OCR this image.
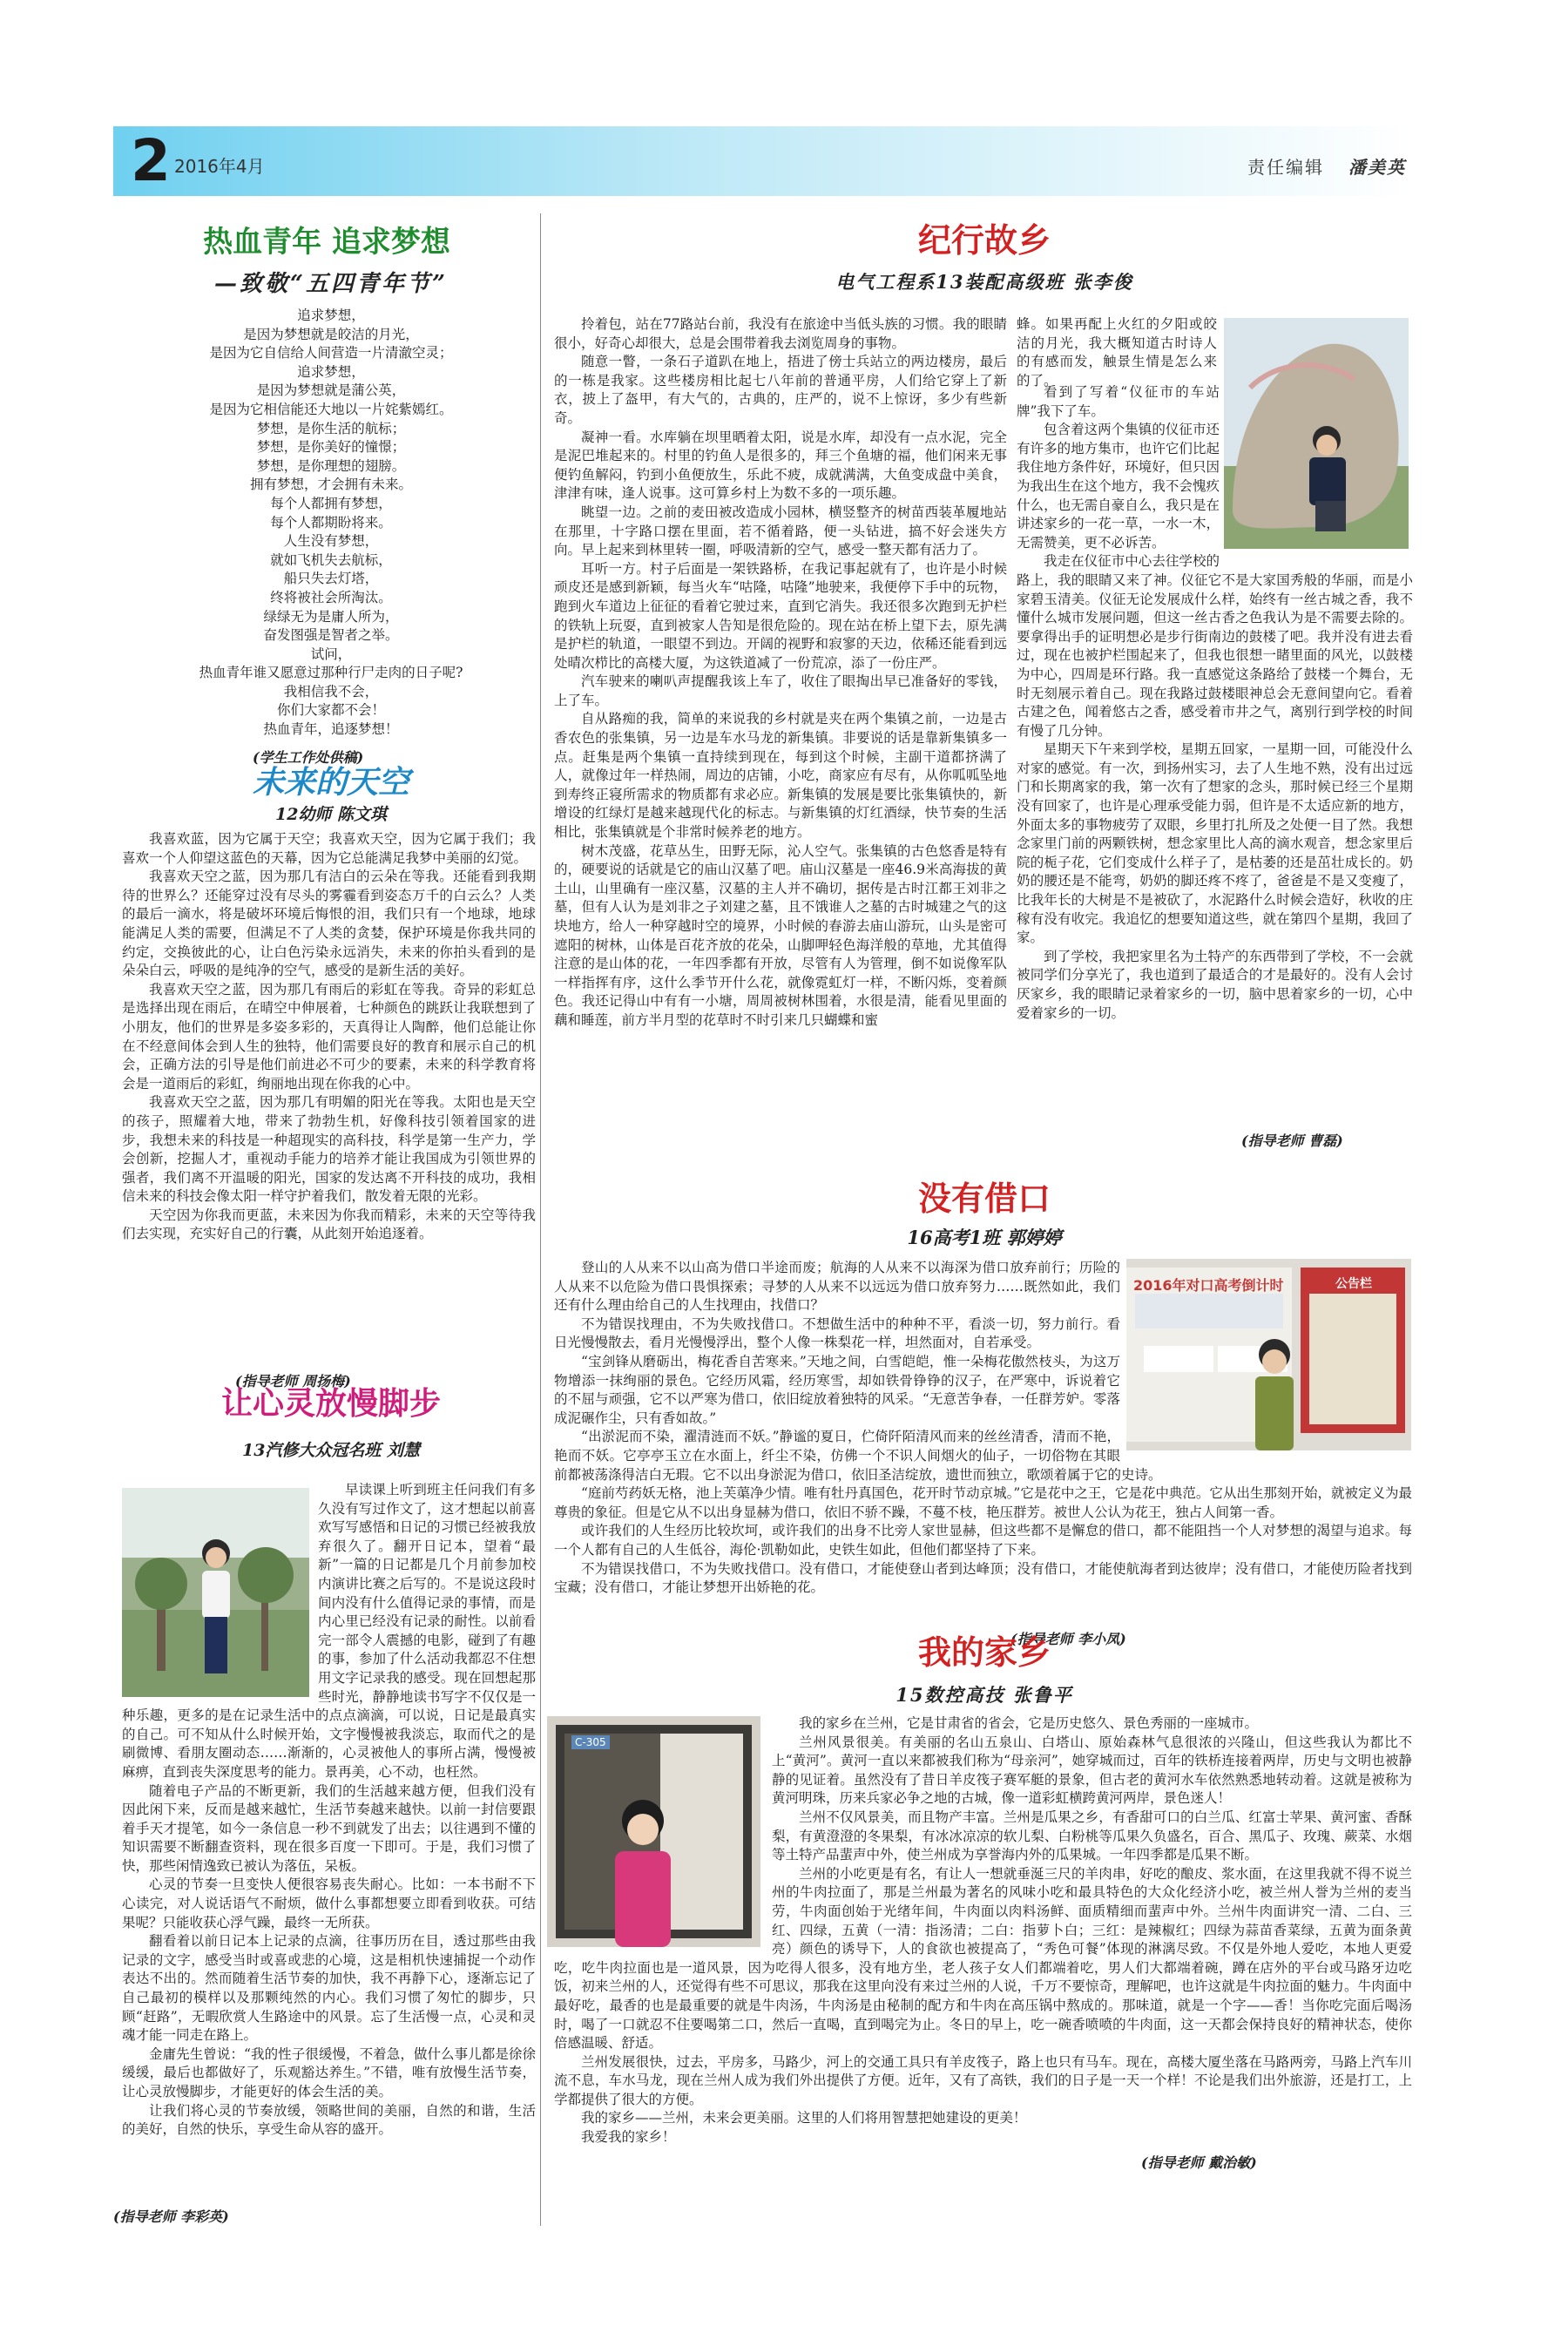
2 2016年4月	责任编辑 潘美英
热血青年 追求梦想
—致敬“五四青年节”
追求梦想，
是因为梦想就是皎洁的月光，
是因为它自信给人间营造一片清澈空灵；
追求梦想，
是因为梦想就是蒲公英，
是因为它相信能还大地以一片姹紫嫣红。
梦想，是你生活的航标；
梦想，是你美好的憧憬；
梦想，是你理想的翅膀。
拥有梦想，才会拥有未来。
每个人都拥有梦想，
每个人都期盼将来。
人生没有梦想，
就如飞机失去航标，
船只失去灯塔，
终将被社会所淘汰。
绿绿无为是庸人所为，
奋发图强是智者之举。
试问，
热血青年谁又愿意过那种行尸走肉的日子呢?
我相信我不会，
你们大家都不会！
热血青年，追逐梦想！
(学生工作处供稿)
未来的天空
12幼师 陈文琪

我喜欢蓝，因为它属于天空；我喜欢天空，因为它属于我们；我喜欢一个人仰望这蓝色的天幕，因为它总能满足我梦中美丽的幻觉。

我喜欢天空之蓝，因为那几有洁白的云朵在等我。还能看到我期待的世界么？还能穿过没有尽头的雾霾看到姿态万千的白云么？人类的最后一滴水，将是破坏环境后悔恨的泪，我们只有一个地球，地球能满足人类的需要，但满足不了人类的贪婪，保护环境是你我共同的约定，交换彼此的心，让白色污染永远消失，未来的你拍头看到的是朵朵白云，呼吸的是纯净的空气，感受的是新生活的美好。

我喜欢天空之蓝，因为那几有雨后的彩虹在等我。奇异的彩虹总是选择出现在雨后，在晴空中伸展着，七种颜色的跳跃让我联想到了小朋友，他们的世界是多姿多彩的，天真得让人陶醉，他们总能让你在不经意间体会到人生的独特，他们需要良好的教育和展示自己的机会，正确方法的引导是他们前进必不可少的要素，未来的科学教育将会是一道雨后的彩虹，绚丽地出现在你我的心中。

我喜欢天空之蓝，因为那几有明媚的阳光在等我。太阳也是天空的孩子，照耀着大地，带来了勃勃生机，好像科技引领着国家的进步，我想未来的科技是一种超现实的高科技，科学是第一生产力，学会创新，挖掘人才，重视动手能力的培养才能让我国成为引领世界的强者，我们离不开温暖的阳光，国家的发达离不开科技的成功，我相信未来的科技会像太阳一样守护着我们，散发着无限的光彩。

天空因为你我而更蓝，未来因为你我而精彩，未来的天空等待我们去实现，充实好自己的行囊，从此刻开始追逐着。

(指导老师 周扬梅)
让心灵放慢脚步
13汽修大众冠名班 刘慧

早读课上听到班主任问我们有多久没有写过作文了，这才想起以前喜欢写写感悟和日记的习惯已经被我放弃很久了。翻开日记本，望着“最新”一篇的日记都是几个月前参加校内演讲比赛之后写的。不是说这段时间内没有什么值得记录的事情，而是内心里已经没有记录的耐性。以前看完一部令人震撼的电影，碰到了有趣的事，参加了什么活动我都忍不住想用文字记录我的感受。现在回想起那些时光，静静地读书写字不仅仅是一种乐趣，更多的是在记录生活中的点点滴滴，可以说，日记是最真实的自己。可不知从什么时候开始，文字慢慢被我淡忘，取而代之的是刷微博、看朋友圈动态……渐渐的，心灵被他人的事所占满，慢慢被麻痹，直到丧失深度思考的能力。景再美，心不动，也枉然。

随着电子产品的不断更新，我们的生活越来越方便，但我们没有因此闲下来，反而是越来越忙，生活节奏越来越快。以前一封信要跟着手天才提笔，如今一条信息一秒不到就发了出去；以往遇到不懂的知识需要不断翻查资料，现在很多百度一下即可。于是，我们习惯了快，那些闲情逸致已被认为落伍，呆板。

心灵的节奏一旦变快人便很容易丧失耐心。比如：一本书耐不下心读完，对人说话语气不耐烦，做什么事都想要立即看到收获。可结果呢？只能收获心浮气躁，最终一无所获。

翻看着以前日记本上记录的点滴，往事历历在目，透过那些由我记录的文字，感受当时或喜或悲的心境，这是相机快速捕捉一个动作表达不出的。然而随着生活节奏的加快，我不再静下心，逐渐忘记了自己最初的模样以及那颗纯然的内心。我们习惯了匆忙的脚步，只顾“赶路”，无暇欣赏人生路途中的风景。忘了生活慢一点，心灵和灵魂才能一同走在路上。

金庸先生曾说：“我的性子很缓慢，不着急，做什么事儿都是徐徐缓缓，最后也都做好了，乐观豁达养生。”不错，唯有放慢生活节奏，让心灵放慢脚步，才能更好的体会生活的美。

让我们将心灵的节奏放缓，领略世间的美丽，自然的和谐，生活的美好，自然的快乐，享受生命从容的盛开。

(指导老师 李彩英)
纪行故乡
电气工程系13装配高级班 张李俊

拎着包，站在77路站台前，我没有在旅途中当低头族的习惯。我的眼睛很小，好奇心却很大，总是会围带着我去浏览周身的事物。

随意一瞥，一条石子道趴在地上，捂进了傍士兵站立的两边楼房，最后的一栋是我家。这些楼房相比起七八年前的普通平房，人们给它穿上了新衣，披上了盔甲，有大气的，古典的，庄严的，说不上惊讶，多少有些新奇。

凝神一看。水库躺在坝里晒着太阳，说是水库，却没有一点水泥，完全是泥巴堆起来的。村里的钓鱼人是很多的，拜三个鱼塘的福，他们闲来无事便钓鱼解闷，钓到小鱼便放生，乐此不疲，成就满满，大鱼变成盘中美食，津津有味，逢人说事。这可算乡村上为数不多的一项乐趣。

眺望一边。之前的麦田被改造成小园林，横竖整齐的树苗西装革履地站在那里，十字路口摆在里面，若不循着路，便一头钻进，搞不好会迷失方向。早上起来到林里转一圈，呼吸清新的空气，感受一整天都有活力了。

耳听一方。村子后面是一架铁路桥，在我记事起就有了，也许是小时候顽皮还是感到新颖，每当火车“咕隆，咕隆”地驶来，我便停下手中的玩物，跑到火车道边上征征的看着它驶过来，直到它消失。我还很多次跑到无护栏的铁轨上玩耍，直到被家人告知是很危险的。现在站在桥上望下去，原先满是护栏的轨道，一眼望不到边。开阔的视野和寂寥的天边，依稀还能看到远处晴次栉比的高楼大厦，为这铁道减了一份荒凉，添了一份庄严。

汽车驶来的喇叭声提醒我该上车了，收住了眼掏出早已准备好的零钱，上了车。

自从路痴的我，简单的来说我的乡村就是夹在两个集镇之前，一边是古香农色的张集镇，另一边是车水马龙的新集镇。非要说的话是靠新集镇多一点。赶集是两个集镇一直持续到现在，每到这个时候，主副干道都挤满了人，就像过年一样热闹，周边的店铺，小吃，商家应有尽有，从你呱呱坠地到寿终正寝所需求的物质都有求必应。新集镇的发展是要比张集镇快的，新增设的红绿灯是越来越现代化的标志。与新集镇的灯红酒绿，快节奏的生活相比，张集镇就是个非常时候养老的地方。

树木茂盛，花草丛生，田野无际，沁人空气。张集镇的古色悠香是特有的，硬要说的话就是它的庙山汉墓了吧。庙山汉墓是一座46.9米高海拔的黄土山，山里确有一座汉墓，汉墓的主人并不确切，据传是古时江都王刘非之墓，但有人认为是刘非之子刘建之墓，且不饿谁人之墓的古时城建之气的这块地方，给人一种穿越时空的境界，小时候的春游去庙山游玩，山头是密可遮阳的树林，山体是百花齐放的花朵，山脚呷轻色海洋般的草地，尤其值得注意的是山体的花，一年四季都有开放，尽管有人为管理，倒不如说像军队一样指挥有序，这什么季节开什么花，就像霓虹灯一样，不断闪烁，变着颜色。我还记得山中有有一小塘，周周被树林围着，水很是清，能看见里面的藕和睡莲，前方半月型的花草时不时引来几只蝴蝶和蜜

蜂。如果再配上火红的夕阳或皎洁的月光，我大概知道古时诗人的有感而发，触景生情是怎么来的了。

看到了写着“仪征市的车站牌”我下了车。

包含着这两个集镇的仪征市还有许多的地方集市，也许它们比起我住地方条件好，环境好，但只因为我出生在这个地方，我不会愧疚什么，也无需自豪自么，我只是在讲述家乡的一花一草，一水一木，无需赞美，更不必诉苦。

我走在仪征市中心去往学校的路上，我的眼睛又来了神。仪征它不是大家国秀般的华丽，而是小家碧玉清美。仪征无论发展成什么样，始终有一丝古城之香，我不懂什么城市发展问题，但这一丝古香之色我认为是不需要去除的。要拿得出手的证明想必是步行街南边的鼓楼了吧。我并没有进去看过，现在也被护栏围起来了，但我也很想一睹里面的风光，以鼓楼为中心，四周是环行路。我一直感觉这条路给了鼓楼一个舞台，无时无刻展示着自己。现在我路过鼓楼眼神总会无意间望向它。看着古建之色，闻着悠古之香，感受着市井之气，离别行到学校的时间有慢了几分钟。

星期天下午来到学校，星期五回家，一星期一回，可能没什么对家的感觉。有一次，到扬州实习，去了人生地不熟，没有出过远门和长期离家的我，第一次有了想家的念头，那时候已经三个星期没有回家了，也许是心理承受能力弱，但许是不太适应新的地方，外面太多的事物疲劳了双眼，乡里打扎所及之处便一目了然。我想念家里门前的两颗铁树，想念家里比人高的滴水观音，想念家里后院的栀子花，它们变成什么样子了，是枯萎的还是茁壮成长的。奶奶的腰还是不能弯，奶奶的脚还疼不疼了，爸爸是不是又变瘦了，比我年长的大树是不是被砍了，水泥路什么时候会造好，秋收的庄稼有没有收完。我追忆的想要知道这些，就在第四个星期，我回了家。

到了学校，我把家里名为土特产的东西带到了学校，不一会就被同学们分享光了，我也道到了最适合的才是最好的。没有人会讨厌家乡，我的眼睛记录着家乡的一切，脑中思着家乡的一切，心中爱着家乡的一切。

(指导老师 曹磊)
没有借口
16高考1班 郭婷婷
2016年对口高考倒计时	公告栏

登山的人从来不以山高为借口半途而废；航海的人从来不以海深为借口放弃前行；历险的人从来不以危险为借口畏惧探索；寻梦的人从来不以远远为借口放弃努力……既然如此，我们还有什么理由给自己的人生找理由，找借口？

不为错误找理由，不为失败找借口。不想做生活中的种种不平，看淡一切，努力前行。看日光慢慢散去，看月光慢慢浮出，整个人像一株梨花一样，坦然面对，自若承受。

“宝剑锋从磨砺出，梅花香自苦寒来。”天地之间，白雪皑皑，惟一朵梅花傲然枝头，为这万物增添一抹绚丽的景色。它经历风霜，经历寒雪，却如铁骨铮铮的汉子，在严寒中，诉说着它的不屈与顽强，它不以严寒为借口，依旧绽放着独特的风采。“无意苦争春，一任群芳妒。零落成泥碾作尘，只有香如故。”

“出淤泥而不染，濯清涟而不妖。”静谧的夏日，伫倚阡陌清风而来的丝丝清香，清而不艳，艳而不妖。它亭亭玉立在水面上，纤尘不染，仿佛一个不识人间烟火的仙子，一切俗物在其眼前都被荡涤得洁白无瑕。它不以出身淤泥为借口，依旧圣洁绽放，遗世而独立，歌颂着属于它的史诗。

“庭前芍药妖无格，池上芙蕖净少情。唯有牡丹真国色，花开时节动京城。”它是花中之王，它是花中典范。它从出生那刻开始，就被定义为最尊贵的象征。但是它从不以出身显赫为借口，依旧不骄不躁，不蔓不枝，艳压群芳。被世人公认为花王，独占人间第一香。

或许我们的人生经历比较坎坷，或许我们的出身不比旁人家世显赫，但这些都不是懈怠的借口，都不能阻挡一个人对梦想的渴望与追求。每一个人都有自己的人生低谷，海伦·凯勒如此，史铁生如此，但他们都坚持了下来。

不为错误找借口，不为失败找借口。没有借口，才能使登山者到达峰顶；没有借口，才能使航海者到达彼岸；没有借口，才能使历险者找到宝藏；没有借口，才能让梦想开出娇艳的花。

(指导老师 李小凤)
我的家乡
15数控高技 张鲁平
C-305

我的家乡在兰州，它是甘肃省的省会，它是历史悠久、景色秀丽的一座城市。

兰州风景很美。有美丽的名山五泉山、白塔山、原始森林气息很浓的兴隆山，但这些我认为都比不上“黄河”。黄河一直以来都被我们称为“母亲河”，她穿城而过，百年的铁桥连接着两岸，历史与文明也被静静的见证着。虽然没有了昔日羊皮筏子赛军艇的景象，但古老的黄河水车依然熟悉地转动着。这就是被称为黄河明珠，历来兵家必争之地的古城，像一道彩虹横跨黄河两岸，景色迷人！

兰州不仅风景美，而且物产丰富。兰州是瓜果之乡，有香甜可口的白兰瓜、红富士苹果、黄河蜜、香酥梨，有黄澄澄的冬果梨，有冰冰凉凉的软儿梨、白粉桃等瓜果久负盛名，百合、黑瓜子、玫瑰、蕨菜、水烟等土特产品蜚声中外，使兰州成为享誉海内外的瓜果城。一年四季都是瓜果不断。

兰州的小吃更是有名，有让人一想就垂涎三尺的羊肉串，好吃的酿皮、浆水面，在这里我就不得不说兰州的牛肉拉面了，那是兰州最为著名的风味小吃和最具特色的大众化经济小吃，被兰州人誉为兰州的麦当劳，牛肉面创始于光绪年间，牛肉面以肉料汤鲜、面质精细而蜚声中外。兰州牛肉面讲究一清、二白、三红、四绿，五黄（一清：指汤清；二白：指萝卜白；三红：是辣椒红；四绿为蒜苗香菜绿，五黄为面条黄亮）颜色的诱导下，人的食欲也被提高了，“秀色可餐”体现的淋漓尽致。不仅是外地人爱吃，本地人更爱吃，吃牛肉拉面也是一道风景，因为吃得人很多，没有地方坐，老人孩子女人们都端着吃，男人们大都端着碗，蹲在店外的平台或马路牙边吃饭，初来兰州的人，还觉得有些不可思议，那我在这里向没有来过兰州的人说，千万不要惊奇，理解吧，也许这就是牛肉拉面的魅力。牛肉面中最好吃，最香的也是最重要的就是牛肉汤，牛肉汤是由秘制的配方和牛肉在高压锅中熬成的。那味道，就是一个字——香！当你吃完面后喝汤时，喝了一口就忍不住要喝第二口，然后一直喝，直到喝完为止。冬日的早上，吃一碗香喷喷的牛肉面，这一天都会保持良好的精神状态，使你倍感温暖、舒适。

兰州发展很快，过去，平房多，马路少，河上的交通工具只有羊皮筏子，路上也只有马车。现在，高楼大厦坐落在马路两旁，马路上汽车川流不息，车水马龙，现在兰州人成为我们外出提供了方便。近年，又有了高铁，我们的日子是一天一个样！不论是我们出外旅游，还是打工，上学都提供了很大的方便。

我的家乡——兰州，未来会更美丽。这里的人们将用智慧把她建设的更美！

我爱我的家乡！

(指导老师 戴治敏)
